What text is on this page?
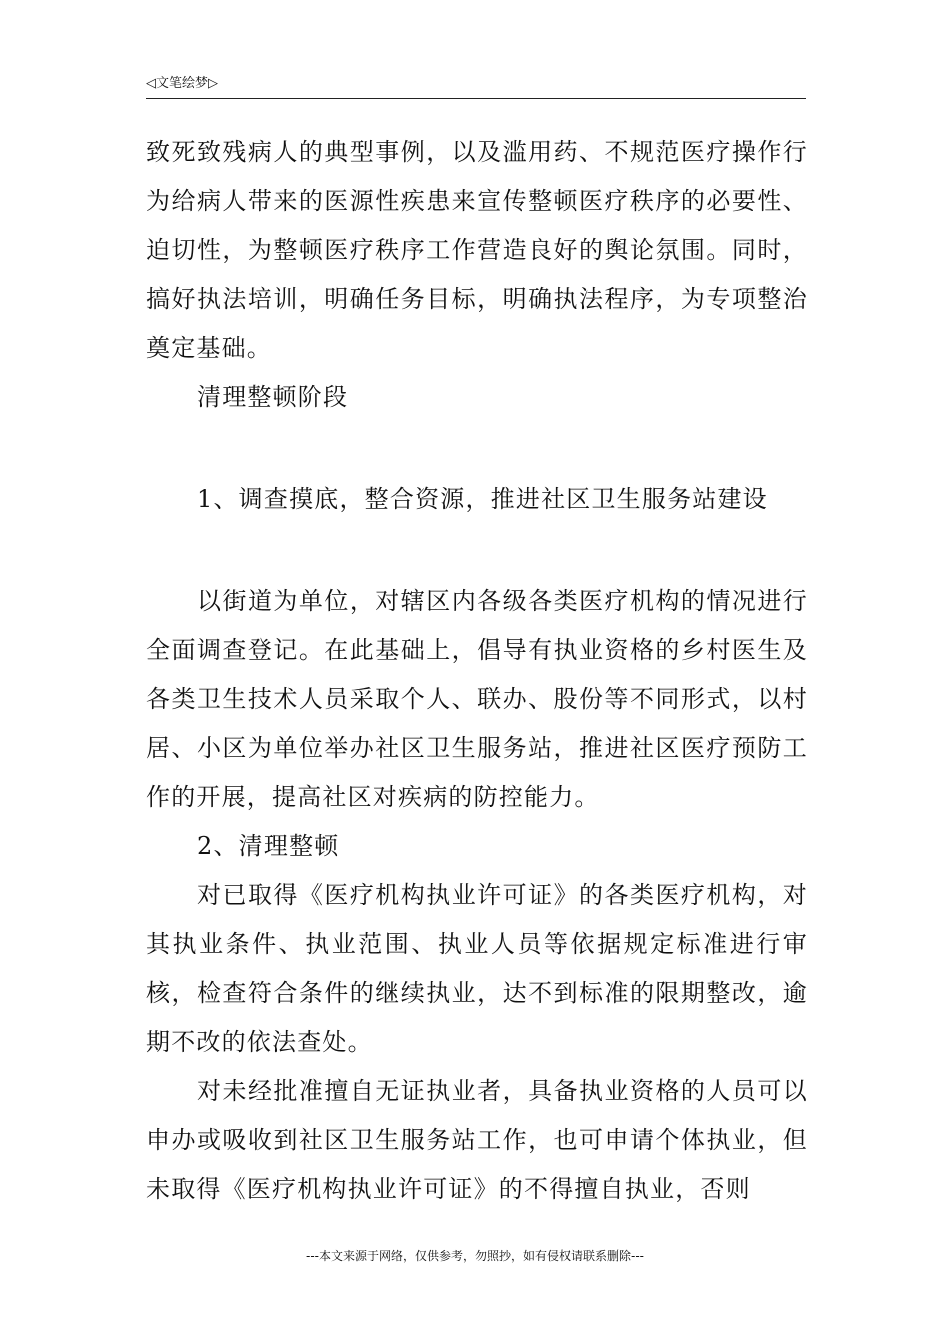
◁文笔绘梦▷

致死致残病人的典型事例，以及滥用药、不规范医疗操作行为给病人带来的医源性疾患来宣传整顿医疗秩序的必要性、迫切性，为整顿医疗秩序工作营造良好的舆论氛围。同时，搞好执法培训，明确任务目标，明确执法程序，为专项整治奠定基础。

清理整顿阶段

1、调查摸底，整合资源，推进社区卫生服务站建设

以街道为单位，对辖区内各级各类医疗机构的情况进行全面调查登记。在此基础上，倡导有执业资格的乡村医生及各类卫生技术人员采取个人、联办、股份等不同形式，以村居、小区为单位举办社区卫生服务站，推进社区医疗预防工作的开展，提高社区对疾病的防控能力。

2、清理整顿

对已取得《医疗机构执业许可证》的各类医疗机构，对其执业条件、执业范围、执业人员等依据规定标准进行审核，检查符合条件的继续执业，达不到标准的限期整改，逾期不改的依法查处。

对未经批准擅自无证执业者，具备执业资格的人员可以申办或吸收到社区卫生服务站工作，也可申请个体执业，但未取得《医疗机构执业许可证》的不得擅自执业，否则

---本文来源于网络，仅供参考，勿照抄，如有侵权请联系删除---
